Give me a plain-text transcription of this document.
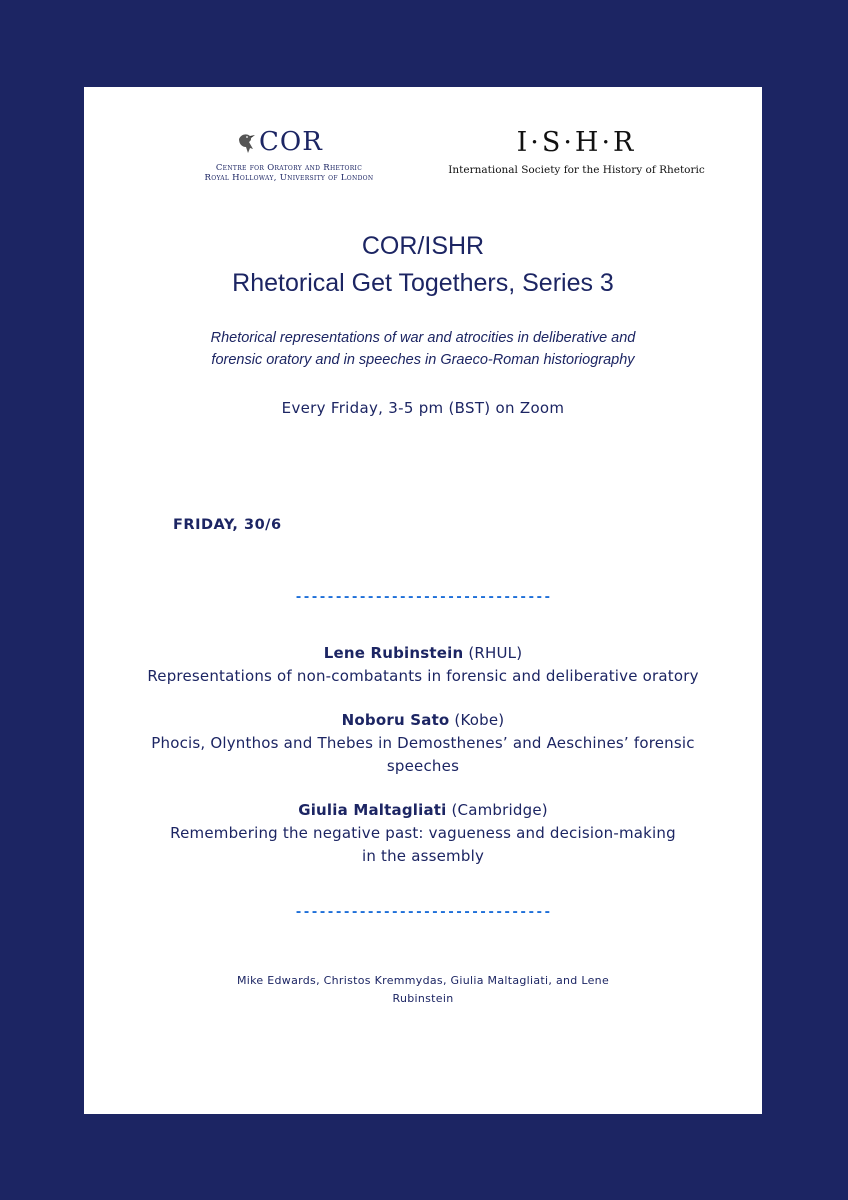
COR
Centre for Oratory and Rhetoric
Royal Holloway, University of London
I·S·H·R
International Society for the History of Rhetoric
COR/ISHR
Rhetorical Get Togethers, Series 3
Rhetorical representations of war and atrocities in deliberative and
forensic oratory and in speeches in Graeco-Roman historiography
Every Friday, 3-5 pm (BST) on Zoom
FRIDAY, 30/6
--------------------------------
Lene Rubinstein (RHUL)
Representations of non-combatants in forensic and deliberative oratory
Noboru Sato (Kobe)
Phocis, Olynthos and Thebes in Demosthenes’ and Aeschines’ forensic
speeches
Giulia Maltagliati (Cambridge)
Remembering the negative past: vagueness and decision-making
in the assembly
--------------------------------
Mike Edwards, Christos Kremmydas, Giulia Maltagliati, and Lene
Rubinstein
